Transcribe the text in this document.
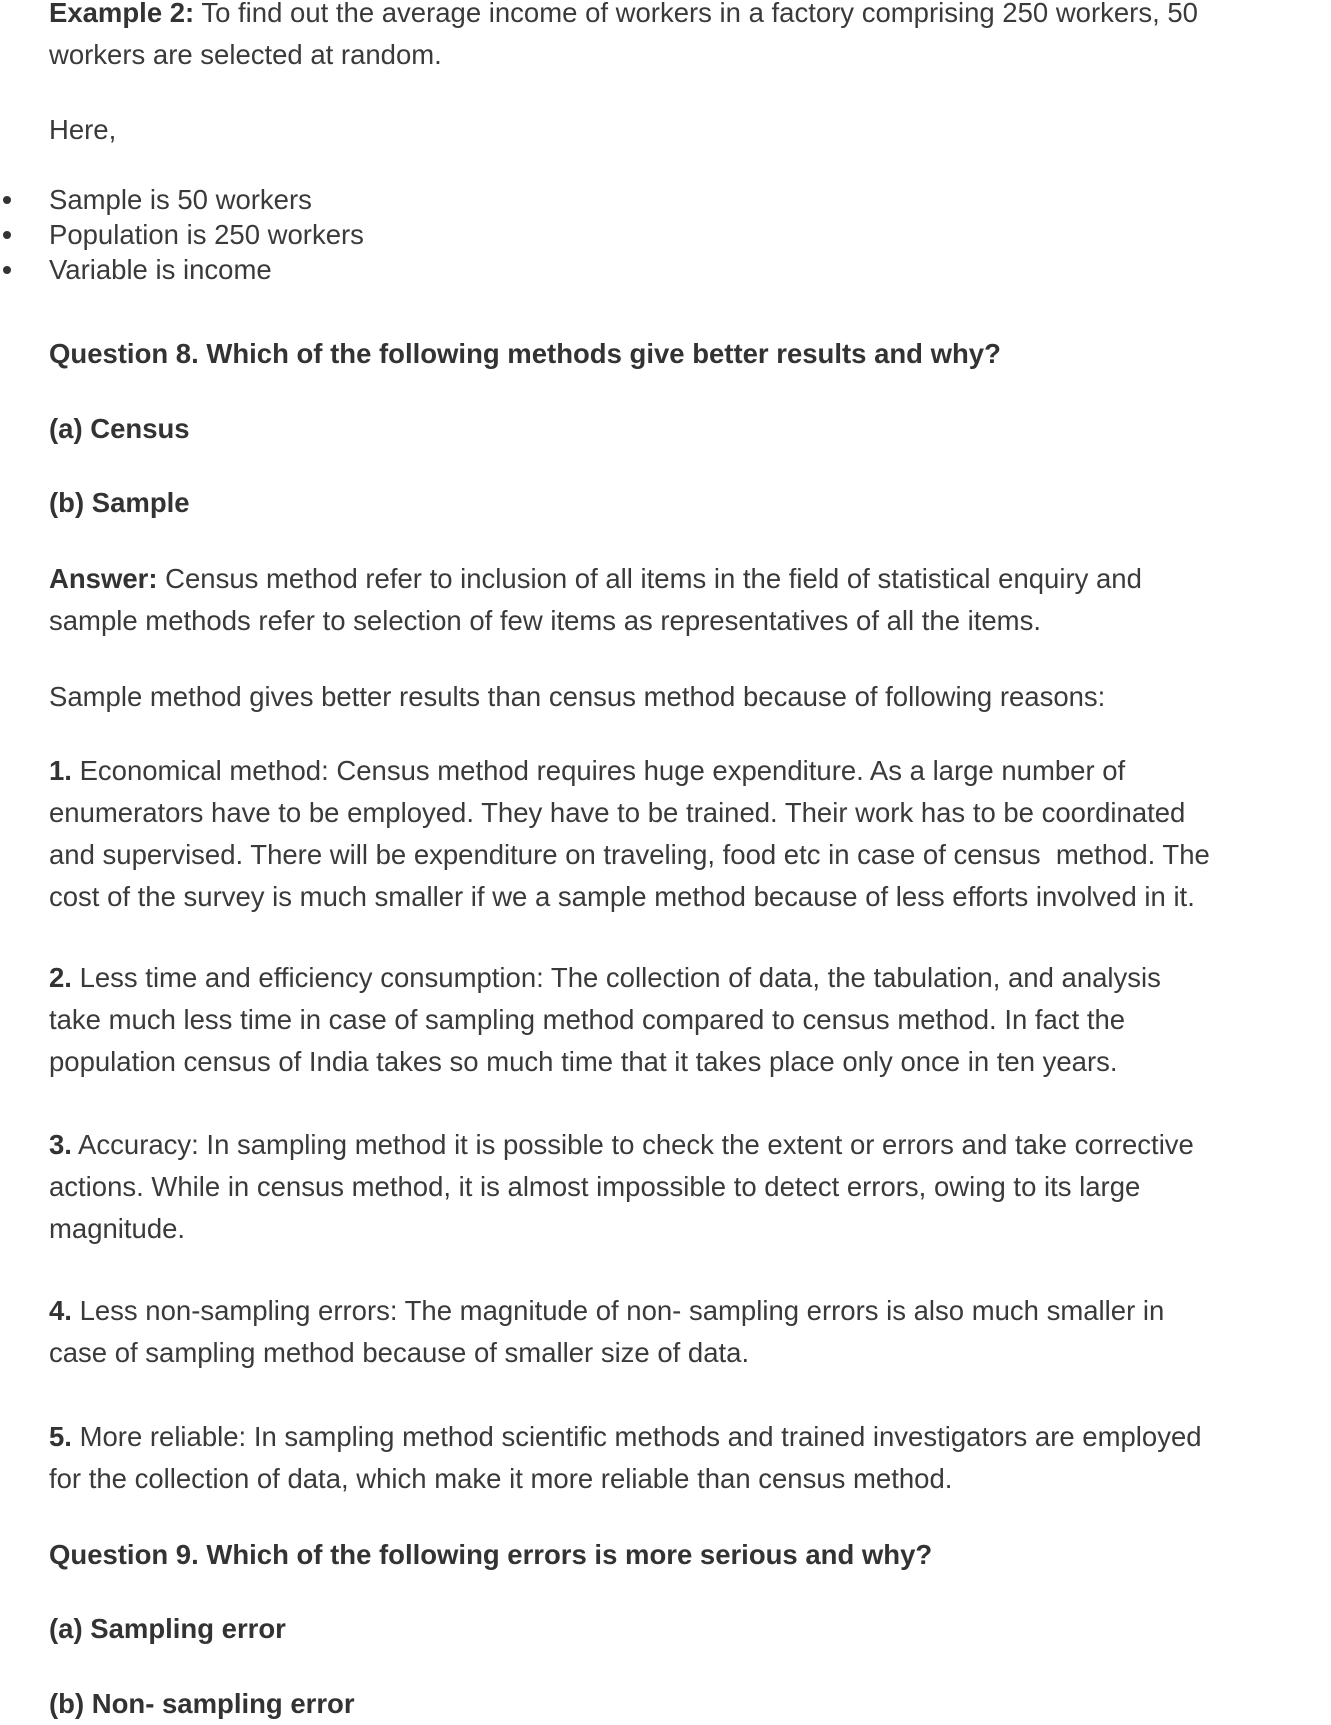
Example 2: To find out the average income of workers in a factory comprising 250 workers, 50
workers are selected at random.
Here,
Sample is 50 workers
Population is 250 workers
Variable is income
Question 8. Which of the following methods give better results and why?
(a) Census
(b) Sample
Answer: Census method refer to inclusion of all items in the field of statistical enquiry and
sample methods refer to selection of few items as representatives of all the items.
Sample method gives better results than census method because of following reasons:
1. Economical method: Census method requires huge expenditure. As a large number of
enumerators have to be employed. They have to be trained. Their work has to be coordinated
and supervised. There will be expenditure on traveling, food etc in case of census  method. The
cost of the survey is much smaller if we a sample method because of less efforts involved in it.
2. Less time and efficiency consumption: The collection of data, the tabulation, and analysis
take much less time in case of sampling method compared to census method. In fact the
population census of India takes so much time that it takes place only once in ten years.
3. Accuracy: In sampling method it is possible to check the extent or errors and take corrective
actions. While in census method, it is almost impossible to detect errors, owing to its large
magnitude.
4. Less non-sampling errors: The magnitude of non- sampling errors is also much smaller in
case of sampling method because of smaller size of data.
5. More reliable: In sampling method scientific methods and trained investigators are employed
for the collection of data, which make it more reliable than census method.
Question 9. Which of the following errors is more serious and why?
(a) Sampling error
(b) Non- sampling error
